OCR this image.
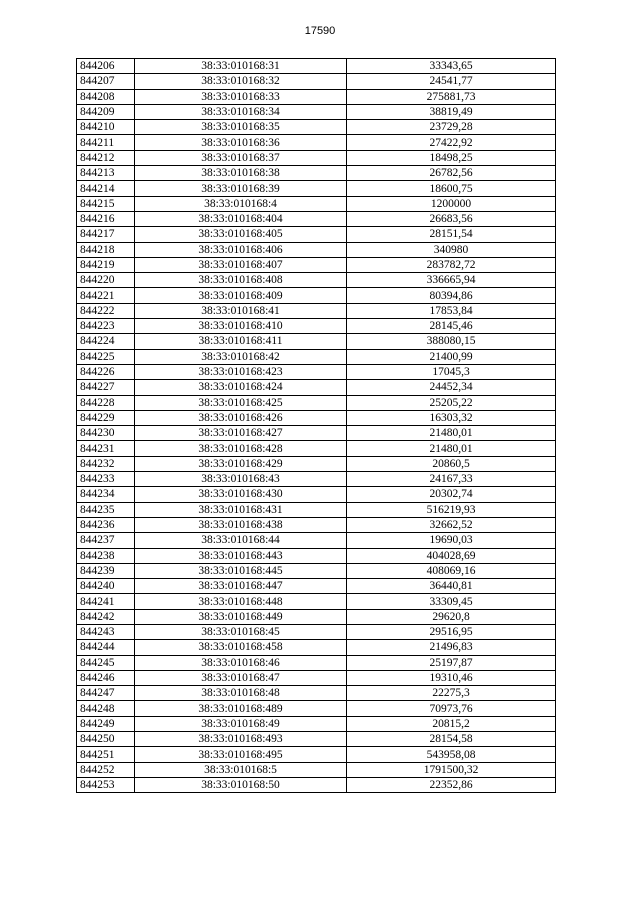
17590
844206	38:33:010168:31	33343,65
844207	38:33:010168:32	24541,77
844208	38:33:010168:33	275881,73
844209	38:33:010168:34	38819,49
844210	38:33:010168:35	23729,28
844211	38:33:010168:36	27422,92
844212	38:33:010168:37	18498,25
844213	38:33:010168:38	26782,56
844214	38:33:010168:39	18600,75
844215	38:33:010168:4	1200000
844216	38:33:010168:404	26683,56
844217	38:33:010168:405	28151,54
844218	38:33:010168:406	340980
844219	38:33:010168:407	283782,72
844220	38:33:010168:408	336665,94
844221	38:33:010168:409	80394,86
844222	38:33:010168:41	17853,84
844223	38:33:010168:410	28145,46
844224	38:33:010168:411	388080,15
844225	38:33:010168:42	21400,99
844226	38:33:010168:423	17045,3
844227	38:33:010168:424	24452,34
844228	38:33:010168:425	25205,22
844229	38:33:010168:426	16303,32
844230	38:33:010168:427	21480,01
844231	38:33:010168:428	21480,01
844232	38:33:010168:429	20860,5
844233	38:33:010168:43	24167,33
844234	38:33:010168:430	20302,74
844235	38:33:010168:431	516219,93
844236	38:33:010168:438	32662,52
844237	38:33:010168:44	19690,03
844238	38:33:010168:443	404028,69
844239	38:33:010168:445	408069,16
844240	38:33:010168:447	36440,81
844241	38:33:010168:448	33309,45
844242	38:33:010168:449	29620,8
844243	38:33:010168:45	29516,95
844244	38:33:010168:458	21496,83
844245	38:33:010168:46	25197,87
844246	38:33:010168:47	19310,46
844247	38:33:010168:48	22275,3
844248	38:33:010168:489	70973,76
844249	38:33:010168:49	20815,2
844250	38:33:010168:493	28154,58
844251	38:33:010168:495	543958,08
844252	38:33:010168:5	1791500,32
844253	38:33:010168:50	22352,86
